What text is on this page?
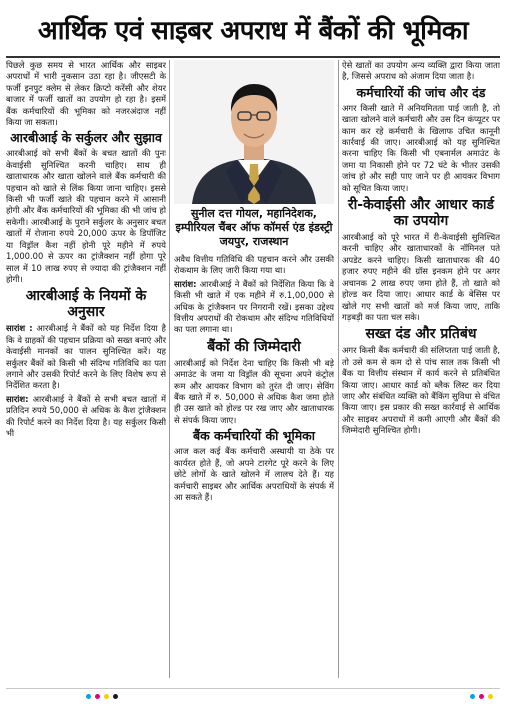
आर्थिक एवं साइबर अपराध में बैंकों की भूमिका

पिछले कुछ समय से भारत आर्थिक और साइबर अपराधों में भारी नुकसान उठा रहा है। जीएसटी के फर्जी इनपुट क्लेम से लेकर क्रिप्टो करेंसी और शेयर बाजार में फर्जी खातों का उपयोग हो रहा है। इसमें बैंक कर्मचारियों की भूमिका को नजरअंदाज नहीं किया जा सकता।

आरबीआई के सर्कुलर और सुझाव

आरबीआई को सभी बैंकों के बचत खातों की पुनः केवाईसी सुनिश्चित करनी चाहिए। साथ ही खाताधारक और खाता खोलने वाले बैंक कर्मचारी की पहचान को खाते से लिंक किया जाना चाहिए। इससे किसी भी फर्जी खाते की पहचान करने में आसानी होगी और बैंक कर्मचारियों की भूमिका की भी जांच हो सकेगी। आरबीआई के पुराने सर्कुलर के अनुसार बचत खातों में रोजाना रुपये 20,000 ऊपर के डिपॉजिट या विड्रॉल कैश नहीं होनी पूरे महीने में रुपये 1,000.00 से ऊपर का ट्रांजैक्शन नहीं होगा पूरे साल में 10 लाख रुपए से ज्यादा की ट्रांजैक्शन नहीं होगी।

आरबीआई के नियमों के अनुसार

सारांश : आरबीआई ने बैंकों को यह निर्देश दिया है कि वे ग्राहकों की पहचान प्रक्रिया को सख्त बनाएं और केवाईसी मानकों का पालन सुनिश्चित करें। यह सर्कुलर बैंकों को किसी भी संदिग्ध गतिविधि का पता लगाने और उसकी रिपोर्ट करने के लिए विशेष रूप से निर्देशित करता है।

सारांश: आरबीआई ने बैंकों से सभी बचत खातों में प्रतिदिन रुपये 50,000 से अधिक के कैश ट्रांजैक्शन की रिपोर्ट करने का निर्देश दिया है। यह सर्कुलर किसी भी

सुनील दत्त गोयल, महानिदेशक, इम्पीरियल चैंबर ऑफ कॉमर्स एंड इंडस्ट्री जयपुर, राजस्थान

अवैध वित्तीय गतिविधि की पहचान करने और उसकी रोकथाम के लिए जारी किया गया था।

सारांश: आरबीआई ने बैंकों को निर्देशित किया कि वे किसी भी खाते में एक महीने में रु.1,00,000 से अधिक के ट्रांजैक्शन पर निगरानी रखें। इसका उद्देश्य वित्तीय अपराधों की रोकथाम और संदिग्ध गतिविधियों का पता लगाना था।

बैंकों की जिम्मेदारी

आरबीआई को निर्देश देना चाहिए कि किसी भी बड़े अमाउंट के जमा या विड्रॉल की सूचना अपने कंट्रोल रूम और आयकर विभाग को तुरंत दी जाए। सेविंग बैंक खाते में रु. 50,000 से अधिक कैश जमा होते ही उस खाते को होल्ड पर रख जाए और खाताधारक से संपर्क किया जाए।

बैंक कर्मचारियों की भूमिका

आज कल कई बैंक कर्मचारी अस्थायी या ठेके पर कार्यरत होते हैं, जो अपने टारगेट पूरे करने के लिए छोटे लोगों के खाते खोलने में लालच देते हैं। यह कर्मचारी साइबर और आर्थिक अपराधियों के संपर्क में आ सकते हैं।

ऐसे खातों का उपयोग अन्य व्यक्ति द्वारा किया जाता है, जिससे अपराध को अंजाम दिया जाता है।

कर्मचारियों की जांच और दंड

अगर किसी खाते में अनियमितता पाई जाती है, तो खाता खोलने वाले कर्मचारी और उस दिन कंप्यूटर पर काम कर रहे कर्मचारी के खिलाफ उचित कानूनी कार्रवाई की जाए। आरबीआई को यह सुनिश्चित करना चाहिए कि किसी भी एबनार्मल अमाउंट के जमा या निकासी होने पर 72 घंटे के भीतर उसकी जांच हो और सही पाए जाने पर ही आयकर विभाग को सूचित किया जाए।

री-केवाईसी और आधार कार्ड का उपयोग

आरबीआई को पूरे भारत में री-केवाईसी सुनिश्चित करनी चाहिए और खाताधारकों के नॉमिनल पते अपडेट करने चाहिए। किसी खाताधारक की 40 हजार रुपए महीने की ग्रॉस इनकम होने पर अगर अचानक 2 लाख रुपए जमा होते हैं, तो खाते को होल्ड कर दिया जाए। आधार कार्ड के बेसिस पर खोले गए सभी खातों को मर्ज किया जाए, ताकि गड़बड़ी का पता चल सके।

सख्त दंड और प्रतिबंध

अगर किसी बैंक कर्मचारी की संलिप्तता पाई जाती है, तो उसे कम से कम दो से पांच साल तक किसी भी बैंक या वित्तीय संस्थान में कार्य करने से प्रतिबंधित किया जाए। आधार कार्ड को ब्लैक लिस्ट कर दिया जाए और संबंधित व्यक्ति को बैंकिंग सुविधा से वंचित किया जाए। इस प्रकार की सख्त कार्रवाई से आर्थिक और साइबर अपराधों में कमी आएगी और बैंकों की जिम्मेदारी सुनिश्चित होगी।
